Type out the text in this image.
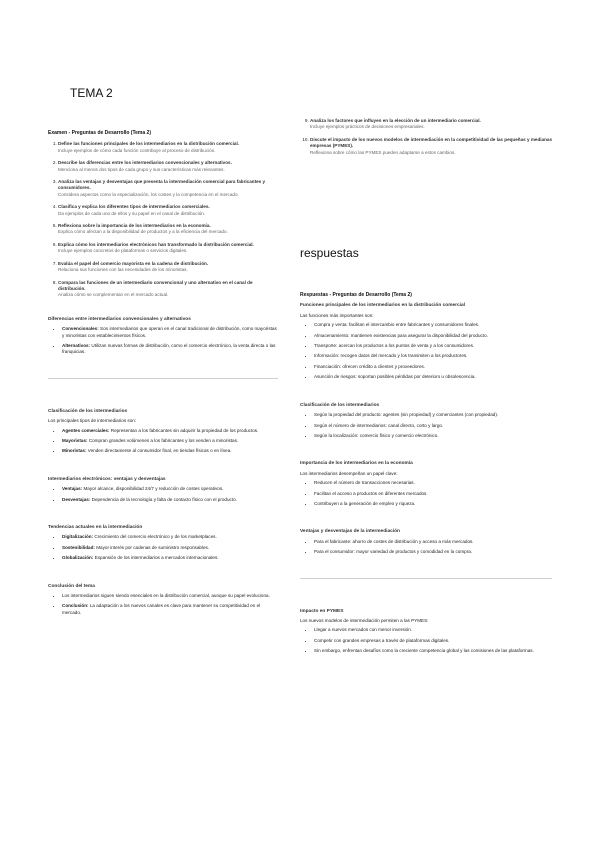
TEMA 2
Examen - Preguntas de Desarrollo (Tema 2)
1. Define las funciones principales de los intermediarios en la distribución comercial.
Incluye ejemplos de cómo cada función contribuye al proceso de distribución.
2. Describe las diferencias entre los intermediarios convencionales y alternativos.
Menciona al menos dos tipos de cada grupo y sus características más relevantes.
3. Analiza las ventajas y desventajas que presenta la intermediación comercial para fabricantes y consumidores.
Considera aspectos como la especialización, los costes y la competencia en el mercado.
4. Clasifica y explica los diferentes tipos de intermediarios comerciales.
Da ejemplos de cada uno de ellos y su papel en el canal de distribución.
5. Reflexiona sobre la importancia de los intermediarios en la economía.
Explica cómo afectan a la disponibilidad de productos y a la eficiencia del mercado.
6. Explica cómo los intermediarios electrónicos han transformado la distribución comercial.
Incluye ejemplos concretos de plataformas o servicios digitales.
7. Evalúa el papel del comercio mayorista en la cadena de distribución.
Relaciona sus funciones con las necesidades de los minoristas.
8. Compara las funciones de un intermediario convencional y uno alternativo en el canal de distribución.
Analiza cómo se complementan en el mercado actual.
Diferencias entre intermediarios convencionales y alternativos
• Convencionales: Son intermediarios que operan en el canal tradicional de distribución, como mayoristas y minoristas con establecimientos físicos.
• Alternativos: Utilizan nuevas formas de distribución, como el comercio electrónico, la venta directa o las franquicias.
Clasificación de los intermediarios

Los principales tipos de intermediarios son:

• Agentes comerciales: Representan a los fabricantes sin adquirir la propiedad de los productos.
• Mayoristas: Compran grandes volúmenes a los fabricantes y los venden a minoristas.
• Minoristas: Venden directamente al consumidor final, en tiendas físicas o en línea.
Intermediarios electrónicos: ventajas y desventajas
• Ventajas: Mayor alcance, disponibilidad 24/7 y reducción de costes operativos.
• Desventajas: Dependencia de la tecnología y falta de contacto físico con el producto.
Tendencias actuales en la intermediación
• Digitalización: Crecimiento del comercio electrónico y de los marketplaces.
• Sostenibilidad: Mayor interés por cadenas de suministro responsables.
• Globalización: Expansión de los intermediarios a mercados internacionales.
Conclusión del tema
• Los intermediarios siguen siendo esenciales en la distribución comercial, aunque su papel evoluciona.
• Conclusión: La adaptación a los nuevos canales es clave para mantener su competitividad en el mercado.
9. Analiza los factores que influyen en la elección de un intermediario comercial.
Incluye ejemplos prácticos de decisiones empresariales.
10. Discute el impacto de los nuevos modelos de intermediación en la competitividad de las pequeñas y medianas empresas (PYMES).
Reflexiona sobre cómo las PYMES pueden adaptarse a estos cambios.
respuestas
Respuestas - Preguntas de Desarrollo (Tema 2)
Funciones principales de los intermediarios en la distribución comercial

Las funciones más importantes son:

• Compra y venta: facilitan el intercambio entre fabricantes y consumidores finales.
• Almacenamiento: mantienen existencias para asegurar la disponibilidad del producto.
• Transporte: acercan los productos a los puntos de venta y a los consumidores.
• Información: recogen datos del mercado y los transmiten a los productores.
• Financiación: ofrecen crédito a clientes y proveedores.
• Asunción de riesgos: soportan posibles pérdidas por deterioro u obsolescencia.
Clasificación de los intermediarios
• Según la propiedad del producto: agentes (sin propiedad) y comerciantes (con propiedad).
• Según el número de intermediarios: canal directo, corto y largo.
• Según la localización: comercio físico y comercio electrónico.
Importancia de los intermediarios en la economía

Los intermediarios desempeñan un papel clave:

• Reducen el número de transacciones necesarias.
• Facilitan el acceso a productos en diferentes mercados.
• Contribuyen a la generación de empleo y riqueza.
Ventajas y desventajas de la intermediación
• Para el fabricante: ahorro de costes de distribución y acceso a más mercados.
• Para el consumidor: mayor variedad de productos y comodidad en la compra.
Impacto en PYMES

Los nuevos modelos de intermediación permiten a las PYMES:

• Llegar a nuevos mercados con menor inversión.
• Competir con grandes empresas a través de plataformas digitales.
• Sin embargo, enfrentan desafíos como la creciente competencia global y las comisiones de las plataformas.
